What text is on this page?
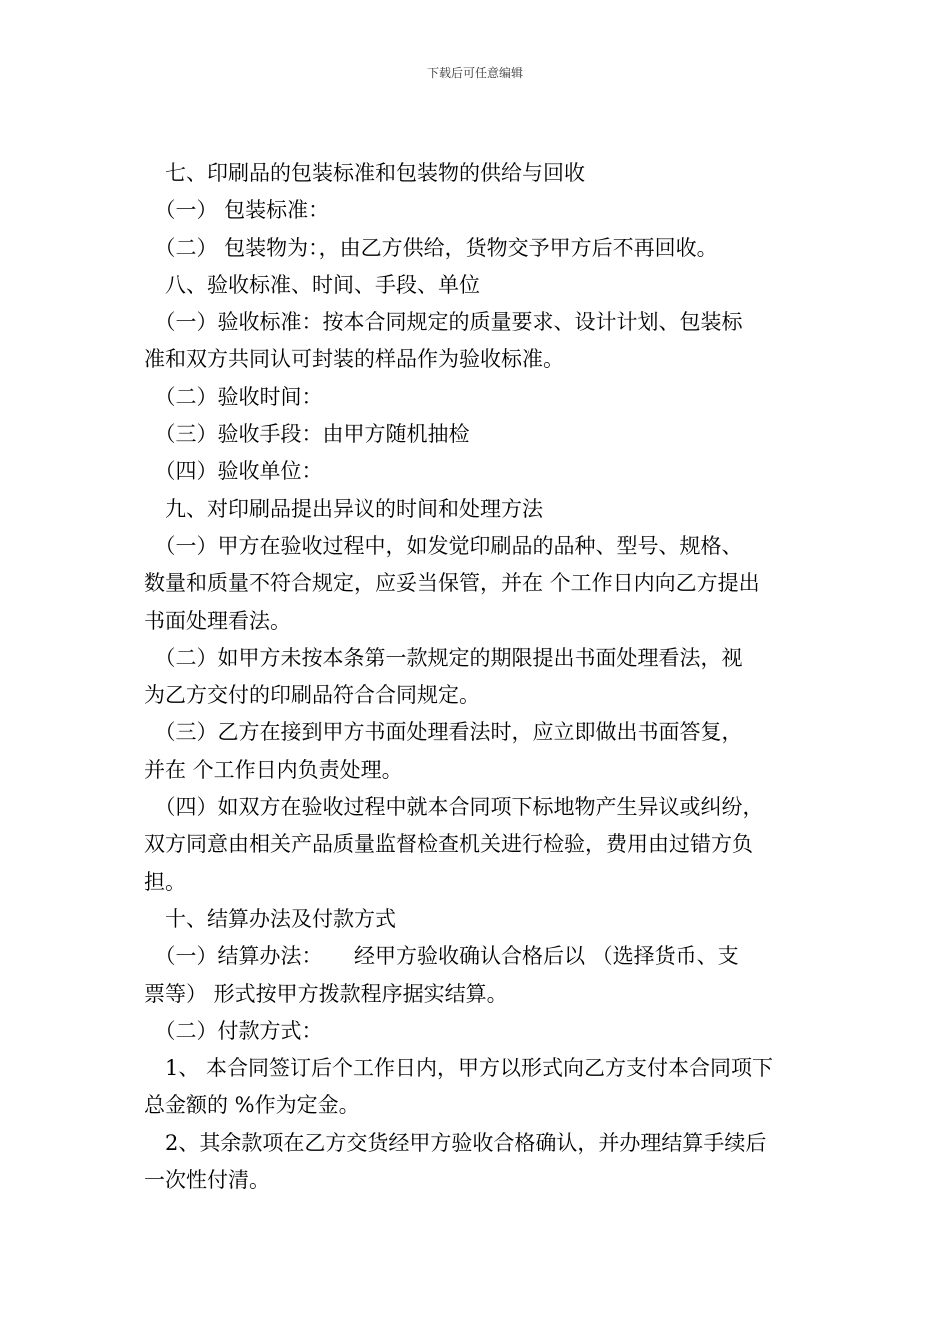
下载后可任意编辑
　七、印刷品的包装标准和包装物的供给与回收
　（一） 包装标准：
　（二） 包装物为：，由乙方供给，货物交予甲方后不再回收。
　八、验收标准、时间、手段、单位
　（一）验收标准：按本合同规定的质量要求、设计计划、包装标
准和双方共同认可封装的样品作为验收标准。
　（二）验收时间：
　（三）验收手段：由甲方随机抽检
　（四）验收单位：
　九、对印刷品提出异议的时间和处理方法
　（一）甲方在验收过程中，如发觉印刷品的品种、型号、规格、
数量和质量不符合规定，应妥当保管，并在 个工作日内向乙方提出
书面处理看法。
　（二）如甲方未按本条第一款规定的期限提出书面处理看法，视
为乙方交付的印刷品符合合同规定。
　（三）乙方在接到甲方书面处理看法时，应立即做出书面答复，
并在 个工作日内负责处理。
　（四）如双方在验收过程中就本合同项下标地物产生异议或纠纷，
双方同意由相关产品质量监督检查机关进行检验，费用由过错方负
担。
　十、结算办法及付款方式
　（一）结算办法：　　经甲方验收确认合格后以 （选择货币、支
票等） 形式按甲方拨款程序据实结算。
　（二）付款方式：
　1、 本合同签订后个工作日内，甲方以形式向乙方支付本合同项下
总金额的 %作为定金。
　2、其余款项在乙方交货经甲方验收合格确认，并办理结算手续后
一次性付清。
